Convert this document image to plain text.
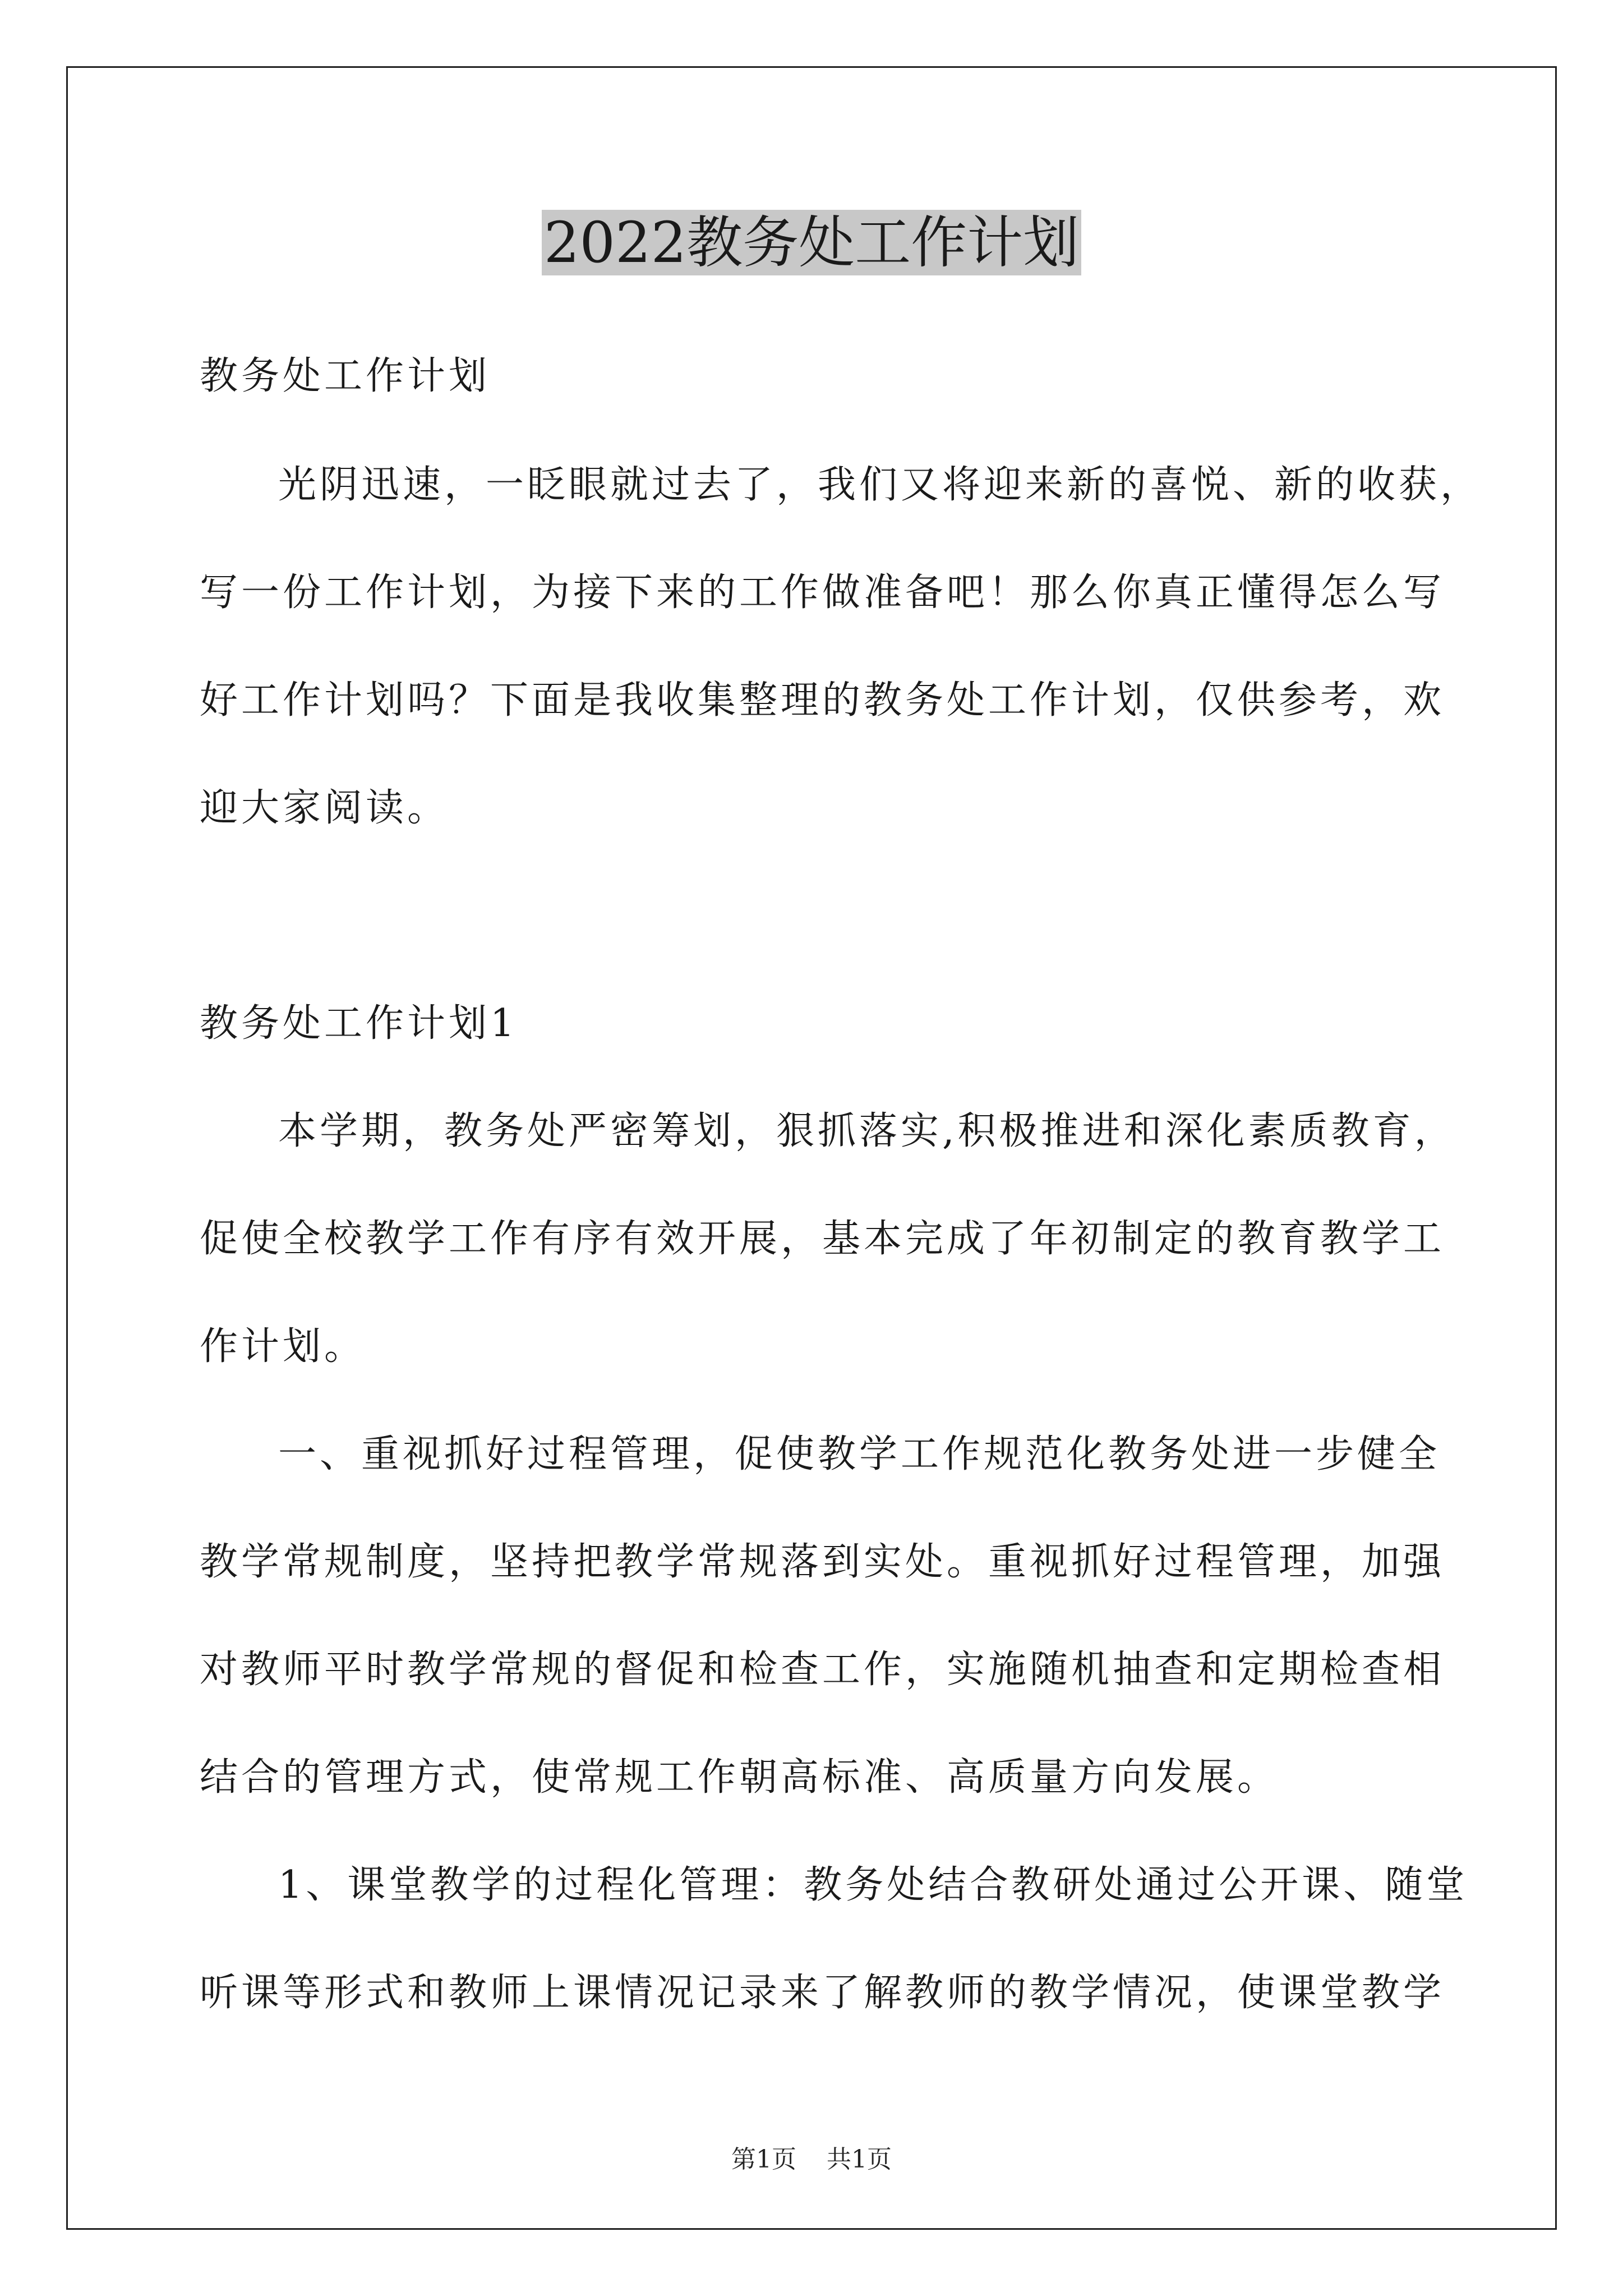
2022教务处工作计划
教务处工作计划
光阴迅速，一眨眼就过去了，我们又将迎来新的喜悦、新的收获，
写一份工作计划，为接下来的工作做准备吧！那么你真正懂得怎么写
好工作计划吗？下面是我收集整理的教务处工作计划，仅供参考，欢
迎大家阅读。
教务处工作计划1
本学期，教务处严密筹划，狠抓落实,积极推进和深化素质教育，
促使全校教学工作有序有效开展，基本完成了年初制定的教育教学工
作计划。
一、重视抓好过程管理，促使教学工作规范化教务处进一步健全
教学常规制度，坚持把教学常规落到实处。重视抓好过程管理，加强
对教师平时教学常规的督促和检查工作，实施随机抽查和定期检查相
结合的管理方式，使常规工作朝高标准、高质量方向发展。
1、课堂教学的过程化管理：教务处结合教研处通过公开课、随堂
听课等形式和教师上课情况记录来了解教师的教学情况，使课堂教学
第1页 共1页
